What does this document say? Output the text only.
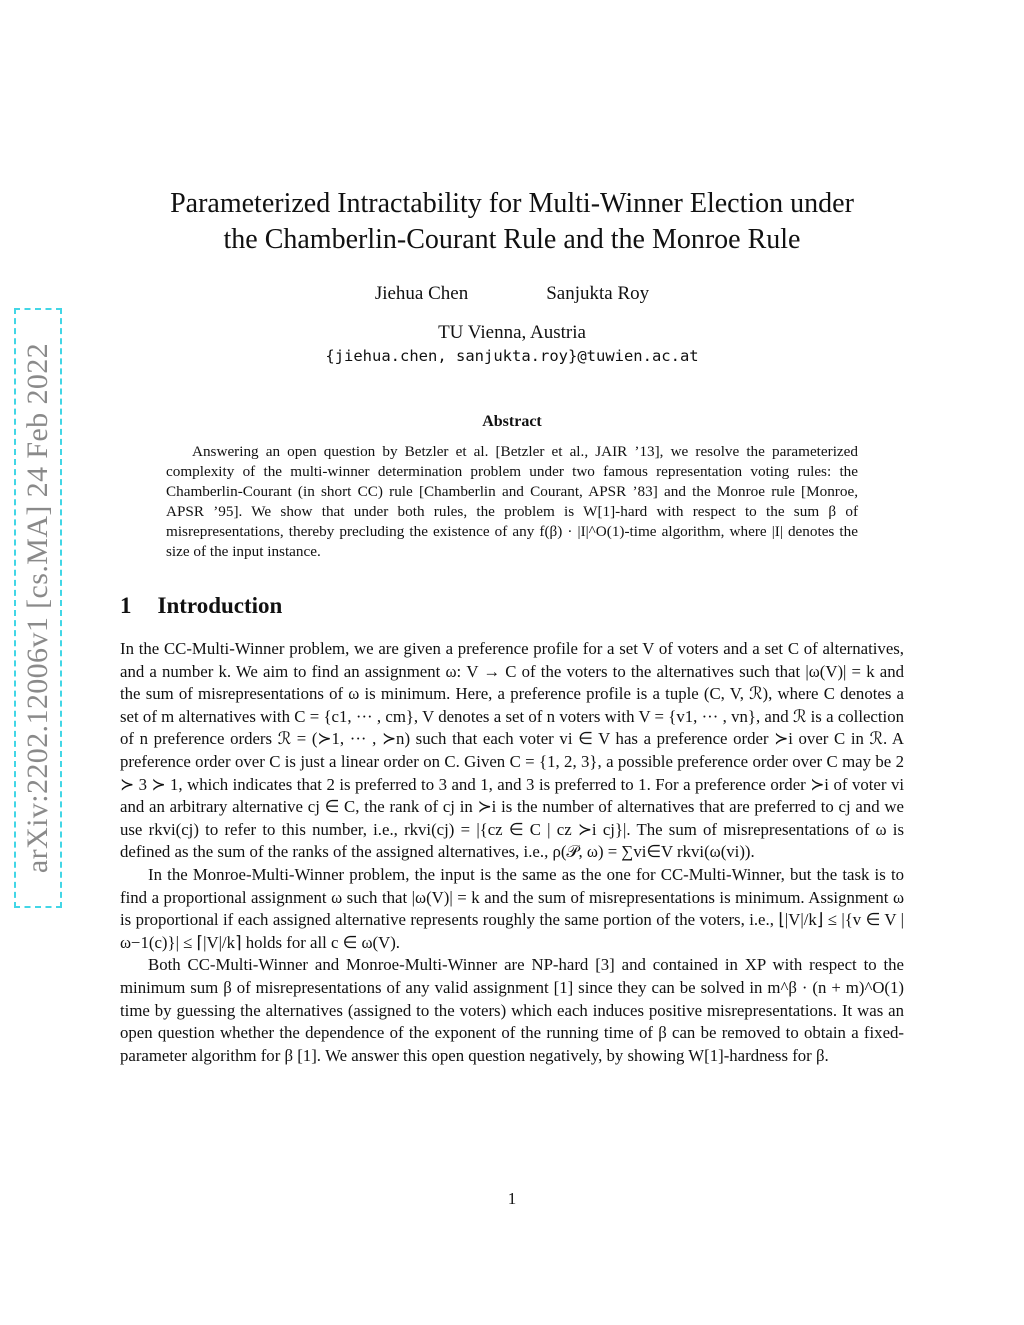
arXiv:2202.12006v1 [cs.MA] 24 Feb 2022
Parameterized Intractability for Multi-Winner Election under
the Chamberlin-Courant Rule and the Monroe Rule
Jiehua Chen	Sanjukta Roy
TU Vienna, Austria
{jiehua.chen, sanjukta.roy}@tuwien.ac.at
Abstract

Answering an open question by Betzler et al. [Betzler et al., JAIR ’13], we resolve the parameterized complexity of the multi-winner determination problem under two famous representation voting rules: the Chamberlin-Courant (in short CC) rule [Chamberlin and Courant, APSR ’83] and the Monroe rule [Monroe, APSR ’95]. We show that under both rules, the problem is W[1]-hard with respect to the sum β of misrepresentations, thereby precluding the existence of any f(β) · |I|^O(1)-time algorithm, where |I| denotes the size of the input instance.

1 Introduction

In the CC-Multi-Winner problem, we are given a preference profile for a set V of voters and a set C of alternatives, and a number k. We aim to find an assignment ω: V → C of the voters to the alternatives such that |ω(V)| = k and the sum of misrepresentations of ω is minimum. Here, a preference profile is a tuple (C, V, ℛ), where C denotes a set of m alternatives with C = {c1, ··· , cm}, V denotes a set of n voters with V = {v1, ··· , vn}, and ℛ is a collection of n preference orders ℛ = (≻1, ··· , ≻n) such that each voter vi ∈ V has a preference order ≻i over C in ℛ. A preference order over C is just a linear order on C. Given C = {1, 2, 3}, a possible preference order over C may be 2 ≻ 3 ≻ 1, which indicates that 2 is preferred to 3 and 1, and 3 is preferred to 1. For a preference order ≻i of voter vi and an arbitrary alternative cj ∈ C, the rank of cj in ≻i is the number of alternatives that are preferred to cj and we use rkvi(cj) to refer to this number, i.e., rkvi(cj) = |{cz ∈ C | cz ≻i cj}|. The sum of misrepresentations of ω is defined as the sum of the ranks of the assigned alternatives, i.e., ρ(𝒫, ω) = ∑vi∈V rkvi(ω(vi)).

In the Monroe-Multi-Winner problem, the input is the same as the one for CC-Multi-Winner, but the task is to find a proportional assignment ω such that |ω(V)| = k and the sum of misrepresentations is minimum. Assignment ω is proportional if each assigned alternative represents roughly the same portion of the voters, i.e., ⌊|V|/k⌋ ≤ |{v ∈ V | ω−1(c)}| ≤ ⌈|V|/k⌉ holds for all c ∈ ω(V).

Both CC-Multi-Winner and Monroe-Multi-Winner are NP-hard [3] and contained in XP with respect to the minimum sum β of misrepresentations of any valid assignment [1] since they can be solved in m^β · (n + m)^O(1) time by guessing the alternatives (assigned to the voters) which each induces positive misrepresentations. It was an open question whether the dependence of the exponent of the running time of β can be removed to obtain a fixed-parameter algorithm for β [1]. We answer this open question negatively, by showing W[1]-hardness for β.

1
